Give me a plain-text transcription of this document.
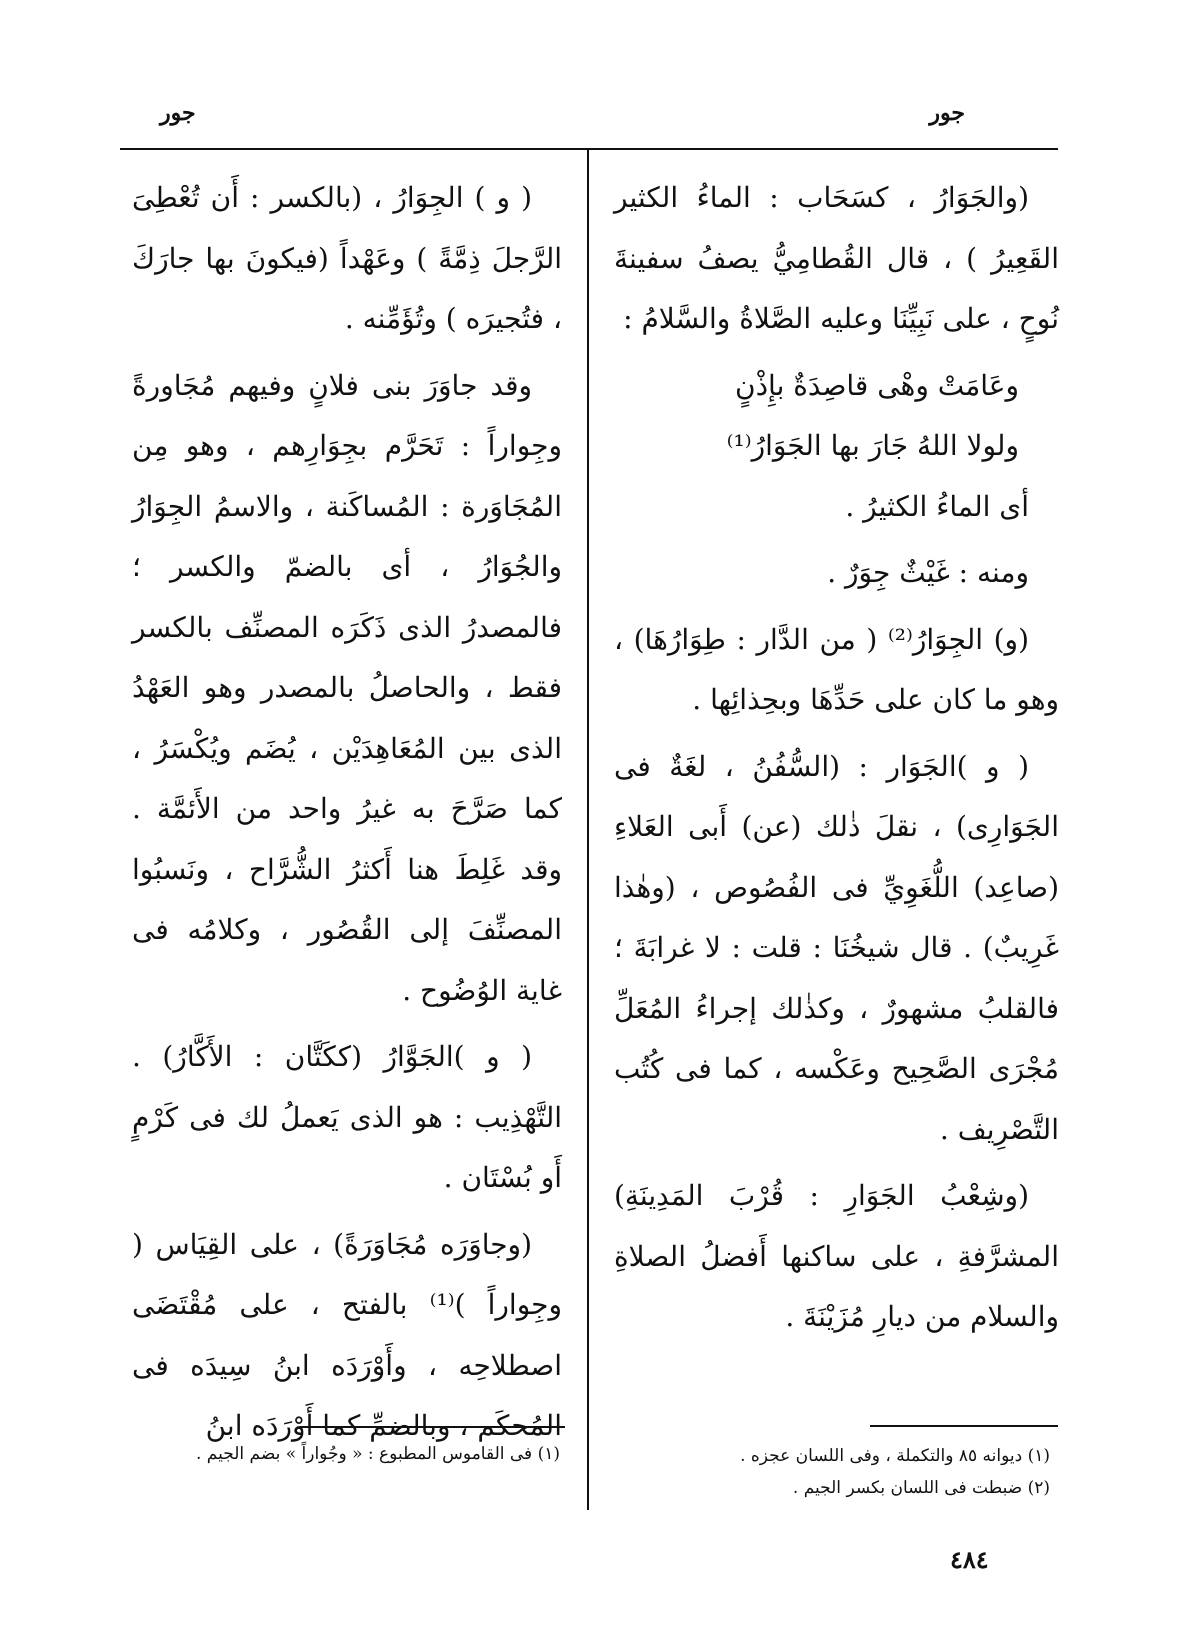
جور
جور

(والجَوَارُ ، كسَحَاب : الماءُ الكثير القَعِيرُ ) ، قال القُطامِيُّ يصفُ سفينةَ نُوحٍ ، على نَبِيِّنَا وعليه الصَّلاةُ والسَّلامُ :

وعَامَتْ وهْى قاصِدَةٌ بإِذْنٍ
ولولا اللهُ جَارَ بها الجَوَارُ⁽¹⁾

أى الماءُ الكثيرُ .

ومنه : غَيْثٌ جِوَرٌ .

(و) الجِوَارُ⁽²⁾ ( من الدَّار : طِوَارُهَا) ، وهو ما كان على حَدِّهَا وبحِذائِها .

( و )الجَوَار : (السُّفُنُ ، لغَةٌ فى الجَوَارِى) ، نقلَ ذٰلك (عن) أَبى العَلاءِ (صاعِد) اللُّغَوِيِّ فى الفُصُوص ، (وهٰذا غَرِيبٌ) . قال شيخُنَا : قلت : لا غرابَةَ ؛ فالقلبُ مشهورٌ ، وكذٰلك إجراءُ المُعَلِّ مُجْرَى الصَّحِيح وعَكْسه ، كما فى كُتُب التَّصْرِيف .

(وشِعْبُ الجَوَارِ : قُرْبَ المَدِينَةِ) المشرَّفةِ ، على ساكنها أَفضلُ الصلاةِ والسلام من ديارِ مُزَيْنَةَ .

( و ) الجِوَارُ ، (بالكسر : أَن تُعْطِىَ الرَّجلَ ذِمَّةً ) وعَهْداً (فيكونَ بها جارَكَ ، فتُجيرَه ) وتُؤَمِّنه .

وقد جاوَرَ بنى فلانٍ وفيهم مُجَاورةً وجِواراً : تَحَرَّم بجِوَارِهم ، وهو مِن المُجَاوَرة : المُساكَنة ، والاسمُ الجِوَارُ والجُوَارُ ، أى بالضمّ والكسر ؛ فالمصدرُ الذى ذَكَرَه المصنِّف بالكسر فقط ، والحاصلُ بالمصدر وهو العَهْدُ الذى بين المُعَاهِدَيْن ، يُضَم ويُكْسَرُ ، كما صَرَّحَ به غيرُ واحد من الأَئمَّة . وقد غَلِطَ هنا أَكثرُ الشُّرَّاح ، ونَسبُوا المصنِّفَ إلى القُصُور ، وكلامُه فى غاية الوُضُوح .

( و )الجَوَّارُ (ككَتَّان : الأَكَّارُ) . التَّهْذِيب : هو الذى يَعملُ لك فى كَرْمٍ أَو بُسْتَان .

(وجاوَرَه مُجَاوَرَةً) ، على القِيَاس ( وجِواراً )⁽¹⁾ بالفتح ، على مُقْتَضَى اصطلاحِه ، وأَوْرَدَه ابنُ سِيدَه فى المُحكَم ، وبالضمِّ كما أَوْرَدَه ابنُ

(١) ديوانه ٨٥ والتكملة ، وفى اللسان عجزه .
(٢) ضبطت فى اللسان بكسر الجيم .
(١) فى القاموس المطبوع : « وجُواراً » بضم الجيم .
٤٨٤
